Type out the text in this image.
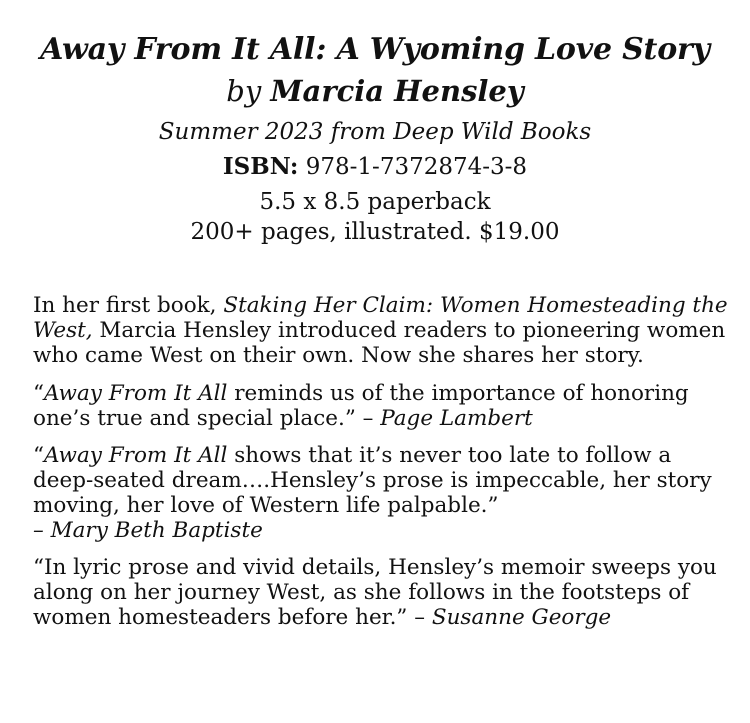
Away From It All: A Wyoming Love Story
by Marcia Hensley
Summer 2023 from Deep Wild Books
ISBN: 978-1-7372874-3-8
5.5 x 8.5 paperback
200+ pages, illustrated. $19.00

In her first book, Staking Her Claim: Women Homesteading the West, Marcia Hensley introduced readers to pioneering women who came West on their own. Now she shares her story.

“Away From It All reminds us of the importance of honoring one’s true and special place.” – Page Lambert

“Away From It All shows that it’s never too late to follow a deep-seated dream….Hensley’s prose is impeccable, her story moving, her love of Western life palpable.”
– Mary Beth Baptiste

“In lyric prose and vivid details, Hensley’s memoir sweeps you along on her journey West, as she follows in the footsteps of women homesteaders before her.” – Susanne George
